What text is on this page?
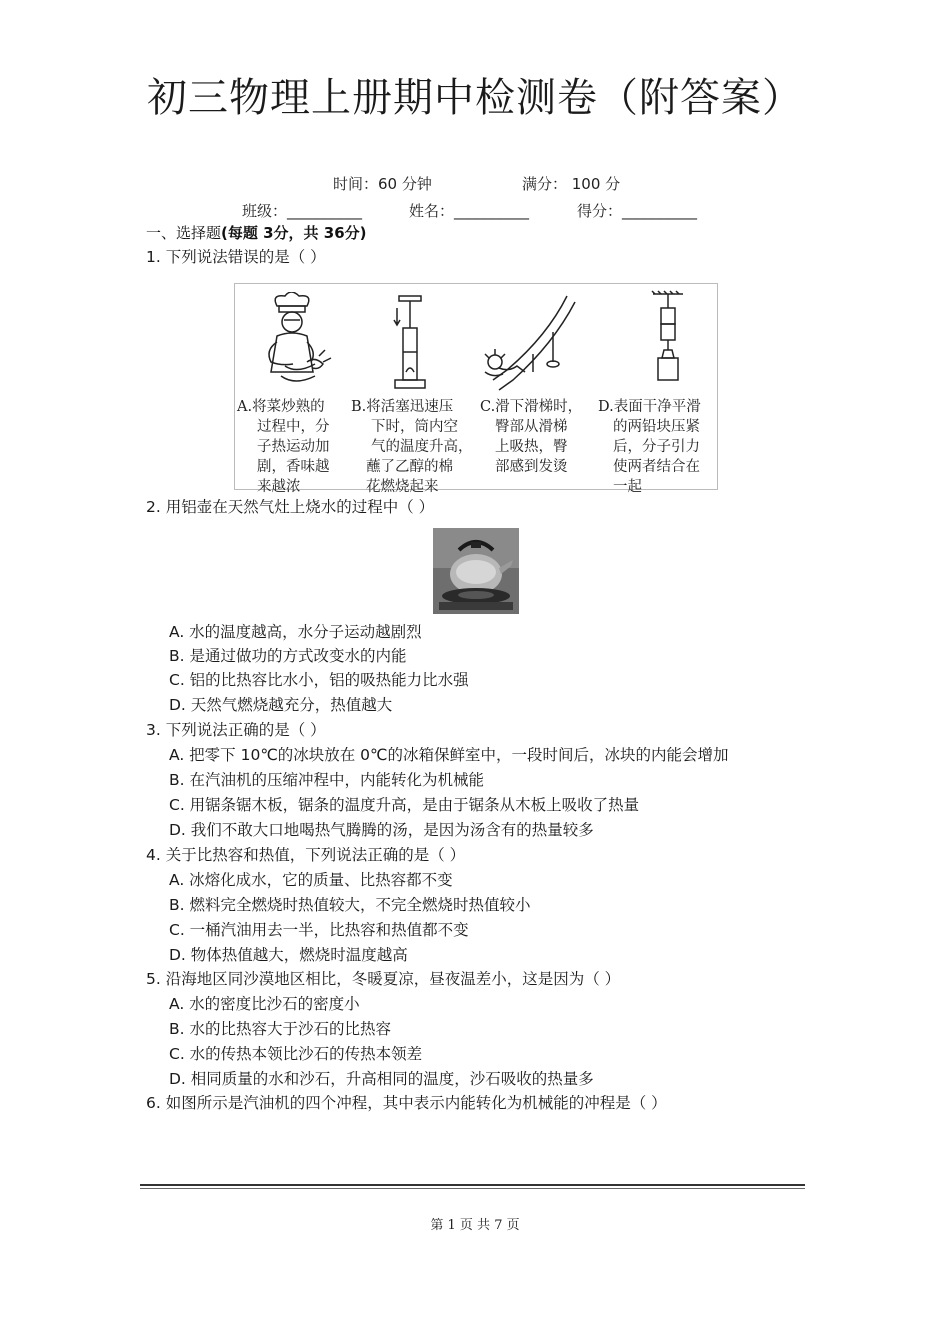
初三物理上册期中检测卷（附答案）
时间：60 分钟	满分： 100 分
班级：__________	姓名：__________	得分：__________
一、选择题(每题 3分，共 36分)
1. 下列说法错误的是（ ）
A.将菜炒熟的
过程中，分
子热运动加
剧，香味越
来越浓
B.将活塞迅速压
下时，筒内空
气的温度升高，
蘸了乙醇的棉
花燃烧起来
C.滑下滑梯时，
臀部从滑梯
上吸热，臀
部感到发烫
D.表面干净平滑
的两铅块压紧
后，分子引力
使两者结合在
一起
2. 用铝壶在天然气灶上烧水的过程中（ ）
A. 水的温度越高，水分子运动越剧烈
B. 是通过做功的方式改变水的内能
C. 铝的比热容比水小，铝的吸热能力比水强
D. 天然气燃烧越充分，热值越大
3. 下列说法正确的是（ ）
A. 把零下 10℃的冰块放在 0℃的冰箱保鲜室中，一段时间后，冰块的内能会增加
B. 在汽油机的压缩冲程中，内能转化为机械能
C. 用锯条锯木板，锯条的温度升高，是由于锯条从木板上吸收了热量
D. 我们不敢大口地喝热气腾腾的汤，是因为汤含有的热量较多
4. 关于比热容和热值，下列说法正确的是（ ）
A. 冰熔化成水，它的质量、比热容都不变
B. 燃料完全燃烧时热值较大，不完全燃烧时热值较小
C. 一桶汽油用去一半，比热容和热值都不变
D. 物体热值越大，燃烧时温度越高
5. 沿海地区同沙漠地区相比，冬暖夏凉，昼夜温差小，这是因为（ ）
A. 水的密度比沙石的密度小
B. 水的比热容大于沙石的比热容
C. 水的传热本领比沙石的传热本领差
D. 相同质量的水和沙石，升高相同的温度，沙石吸收的热量多
6. 如图所示是汽油机的四个冲程，其中表示内能转化为机械能的冲程是（ ）
第 1 页 共 7 页
